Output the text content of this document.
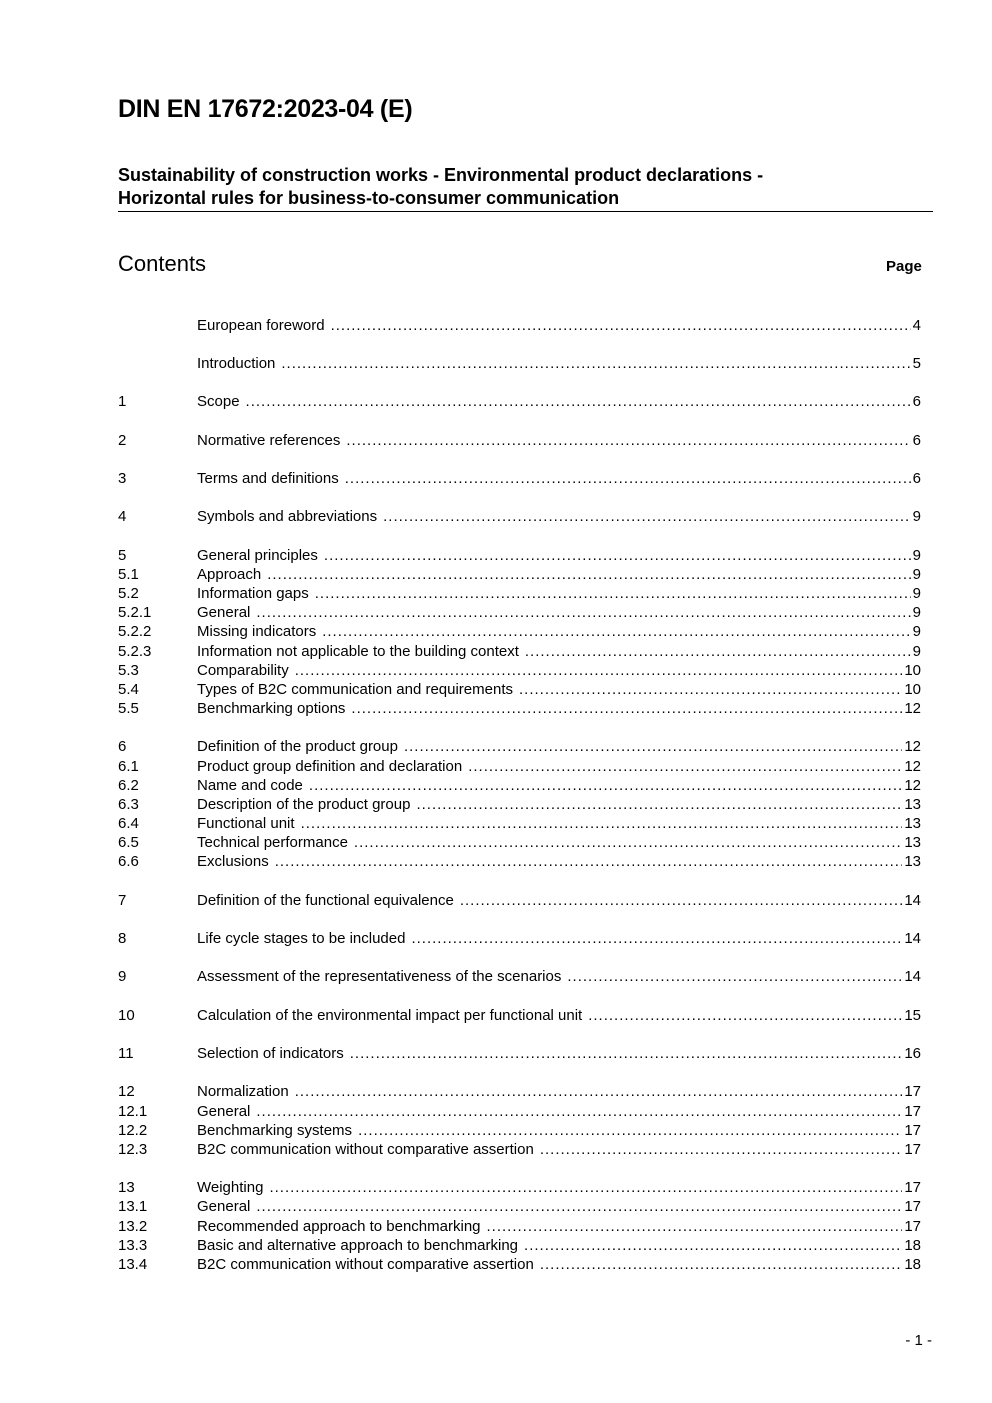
DIN EN 17672:2023-04 (E)
Sustainability of construction works - Environmental product declarations -
Horizontal rules for business-to-consumer communication
Contents	Page
European foreword .....	4
Introduction .....	5
1	Scope .....	6
2	Normative references .....	6
3	Terms and definitions .....	6
4	Symbols and abbreviations .....	9
5	General principles .....	9
5.1	Approach .....	9
5.2	Information gaps .....	9
5.2.1	General .....	9
5.2.2	Missing indicators .....	9
5.2.3	Information not applicable to the building context .....	9
5.3	Comparability .....	10
5.4	Types of B2C communication and requirements .....	10
5.5	Benchmarking options .....	12
6	Definition of the product group .....	12
6.1	Product group definition and declaration .....	12
6.2	Name and code .....	12
6.3	Description of the product group .....	13
6.4	Functional unit .....	13
6.5	Technical performance .....	13
6.6	Exclusions .....	13
7	Definition of the functional equivalence .....	14
8	Life cycle stages to be included .....	14
9	Assessment of the representativeness of the scenarios .....	14
10	Calculation of the environmental impact per functional unit .....	15
11	Selection of indicators .....	16
12	Normalization .....	17
12.1	General .....	17
12.2	Benchmarking systems .....	17
12.3	B2C communication without comparative assertion .....	17
13	Weighting .....	17
13.1	General .....	17
13.2	Recommended approach to benchmarking .....	17
13.3	Basic and alternative approach to benchmarking .....	18
13.4	B2C communication without comparative assertion .....	18
- 1 -
